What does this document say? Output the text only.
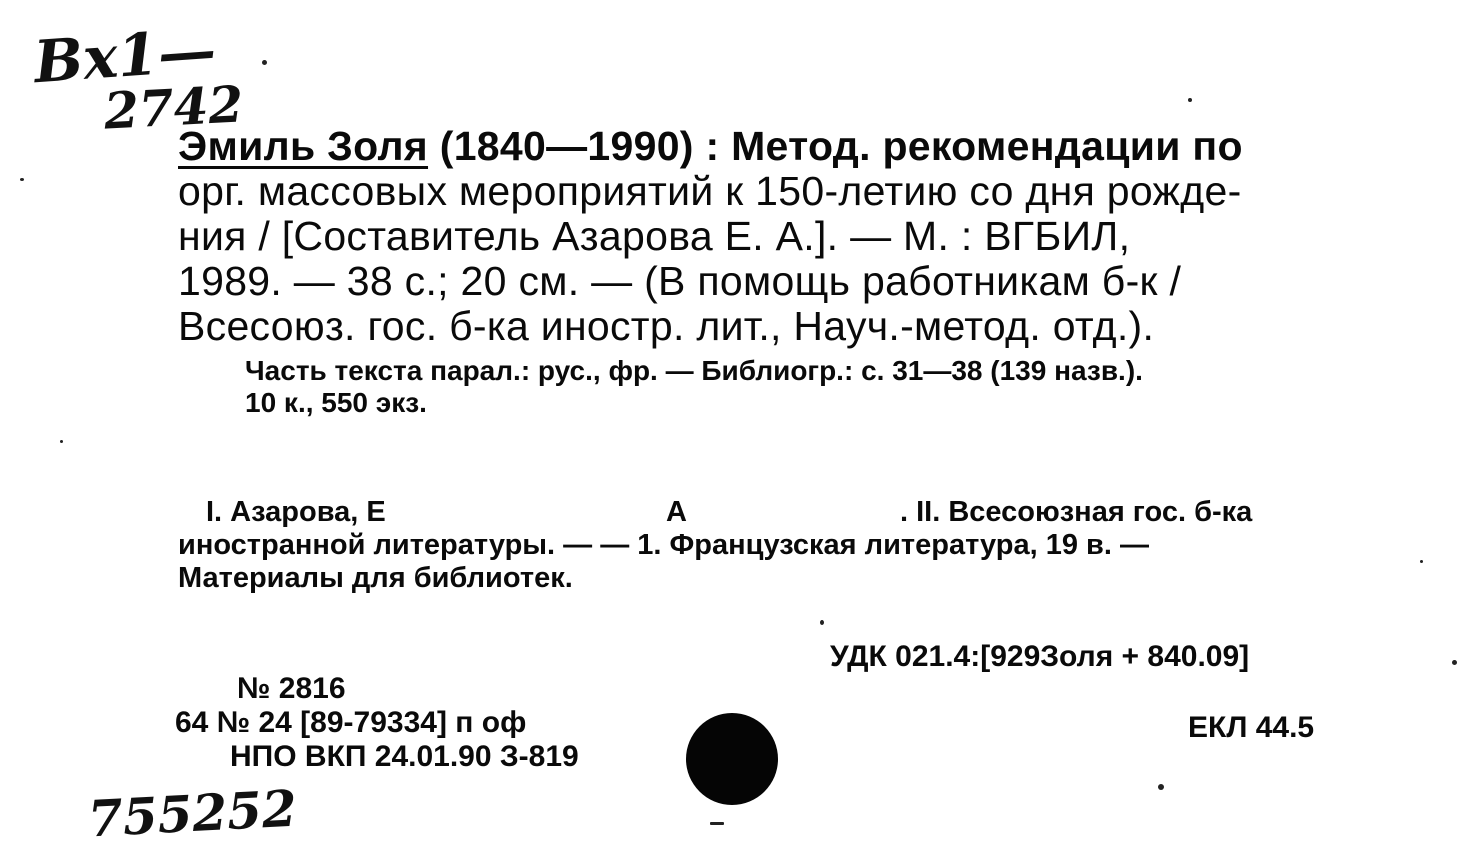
Вх1—
2742
Эмиль Золя (1840—1990) : Метод. рекомендации по
орг. массовых мероприятий к 150-летию со дня рожде-
ния / [Составитель Азарова Е. А.]. — М. : ВГБИЛ,
1989. — 38 с.; 20 см. — (В помощь работникам б-к /
Всесоюз. гос. б-ка иностр. лит., Науч.-метод. отд.).
Часть текста парал.: рус., фр. — Библиогр.: с. 31—38 (139 назв.).
10 к., 550 экз.
I. Азарова, Е	А	. II. Всесоюзная гос. б-ка
иностранной литературы. — — 1. Французская литература, 19 в. —
Материалы для библиотек.
УДК 021.4:[929Золя + 840.09]
ЕКЛ 44.5
№ 2816
64 № 24 [89-79334] п оф
НПО ВКП 24.01.90 З-819
755252
